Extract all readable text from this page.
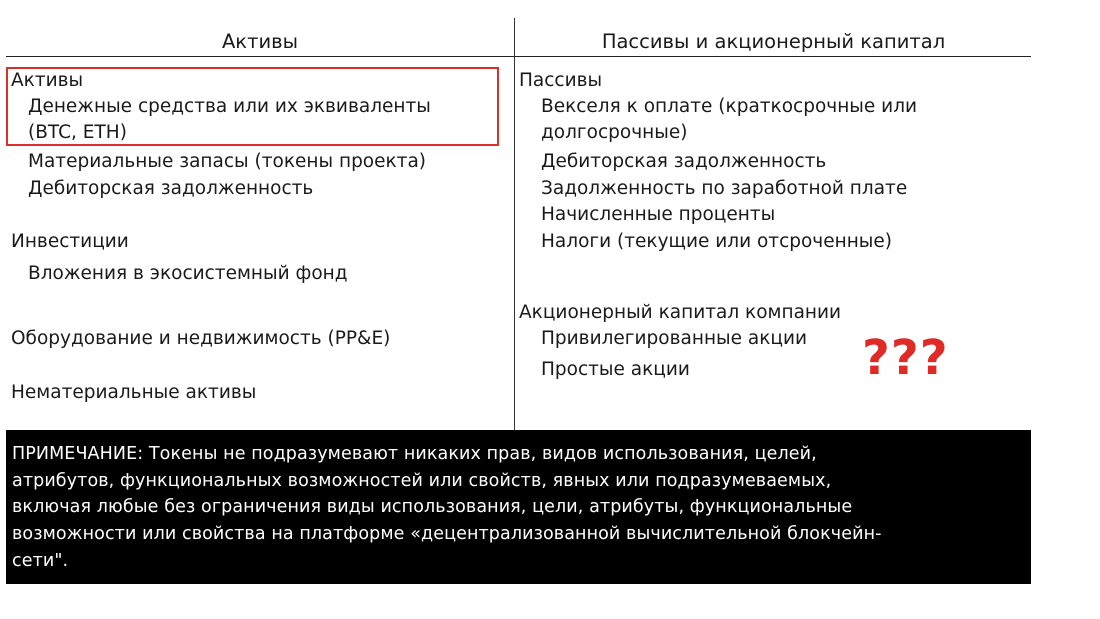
Активы	Пассивы и акционерный капитал
Активы
Денежные средства или их эквиваленты
(BTC, ETH)
Материальные запасы (токены проекта)
Дебиторская задолженность
Инвестиции
Вложения в экосистемный фонд
Оборудование и недвижимость (PP&E)
Нематериальные активы
Пассивы
Векселя к оплате (краткосрочные или
долгосрочные)
Дебиторская задолженность
Задолженность по заработной плате
Начисленные проценты
Налоги (текущие или отсроченные)
Акционерный капитал компании
Привилегированные акции
Простые акции	???
ПРИМЕЧАНИЕ: Токены не подразумевают никаких прав, видов использования, целей,
атрибутов, функциональных возможностей или свойств, явных или подразумеваемых,
включая любые без ограничения виды использования, цели, атрибуты, функциональные
возможности или свойства на платформе «децентрализованной вычислительной блокчейн-
сети".
